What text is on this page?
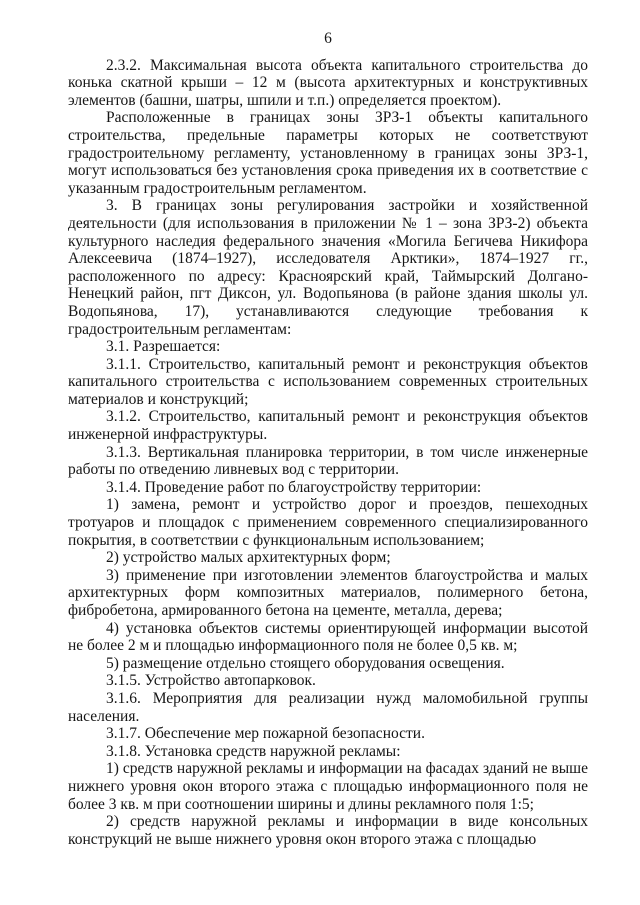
6

2.3.2. Максимальная высота объекта капитального строительства до конька скатной крыши – 12 м (высота архитектурных и конструктивных элементов (башни, шатры, шпили и т.п.) определяется проектом).

Расположенные в границах зоны ЗРЗ-1 объекты капитального строительства, предельные параметры которых не соответствуют градостроительному регламенту, установленному в границах зоны ЗРЗ-1, могут использоваться без установления срока приведения их в соответствие с указанным градостроительным регламентом.

3. В границах зоны регулирования застройки и хозяйственной деятельности (для использования в приложении № 1 – зона ЗРЗ-2) объекта культурного наследия федерального значения «Могила Бегичева Никифора Алексеевича (1874–1927), исследователя Арктики», 1874–1927 гг., расположенного по адресу: Красноярский край, Таймырский Долгано-Ненецкий район, пгт Диксон, ул. Водопьянова (в районе здания школы ул. Водопьянова, 17), устанавливаются следующие требования к градостроительным регламентам:

3.1. Разрешается:

3.1.1. Строительство, капитальный ремонт и реконструкция объектов капитального строительства с использованием современных строительных материалов и конструкций;

3.1.2. Строительство, капитальный ремонт и реконструкция объектов инженерной инфраструктуры.

3.1.3. Вертикальная планировка территории, в том числе инженерные работы по отведению ливневых вод с территории.

3.1.4. Проведение работ по благоустройству территории:

1) замена, ремонт и устройство дорог и проездов, пешеходных тротуаров и площадок с применением современного специализированного покрытия, в соответствии с функциональным использованием;

2) устройство малых архитектурных форм;

3) применение при изготовлении элементов благоустройства и малых архитектурных форм композитных материалов, полимерного бетона, фибробетона, армированного бетона на цементе, металла, дерева;

4) установка объектов системы ориентирующей информации высотой не более 2 м и площадью информационного поля не более 0,5 кв. м;

5) размещение отдельно стоящего оборудования освещения.

3.1.5. Устройство автопарковок.

3.1.6. Мероприятия для реализации нужд маломобильной группы населения.

3.1.7. Обеспечение мер пожарной безопасности.

3.1.8. Установка средств наружной рекламы:

1) средств наружной рекламы и информации на фасадах зданий не выше нижнего уровня окон второго этажа с площадью информационного поля не более 3 кв. м при соотношении ширины и длины рекламного поля 1:5;

2) средств наружной рекламы и информации в виде консольных конструкций не выше нижнего уровня окон второго этажа с площадью
